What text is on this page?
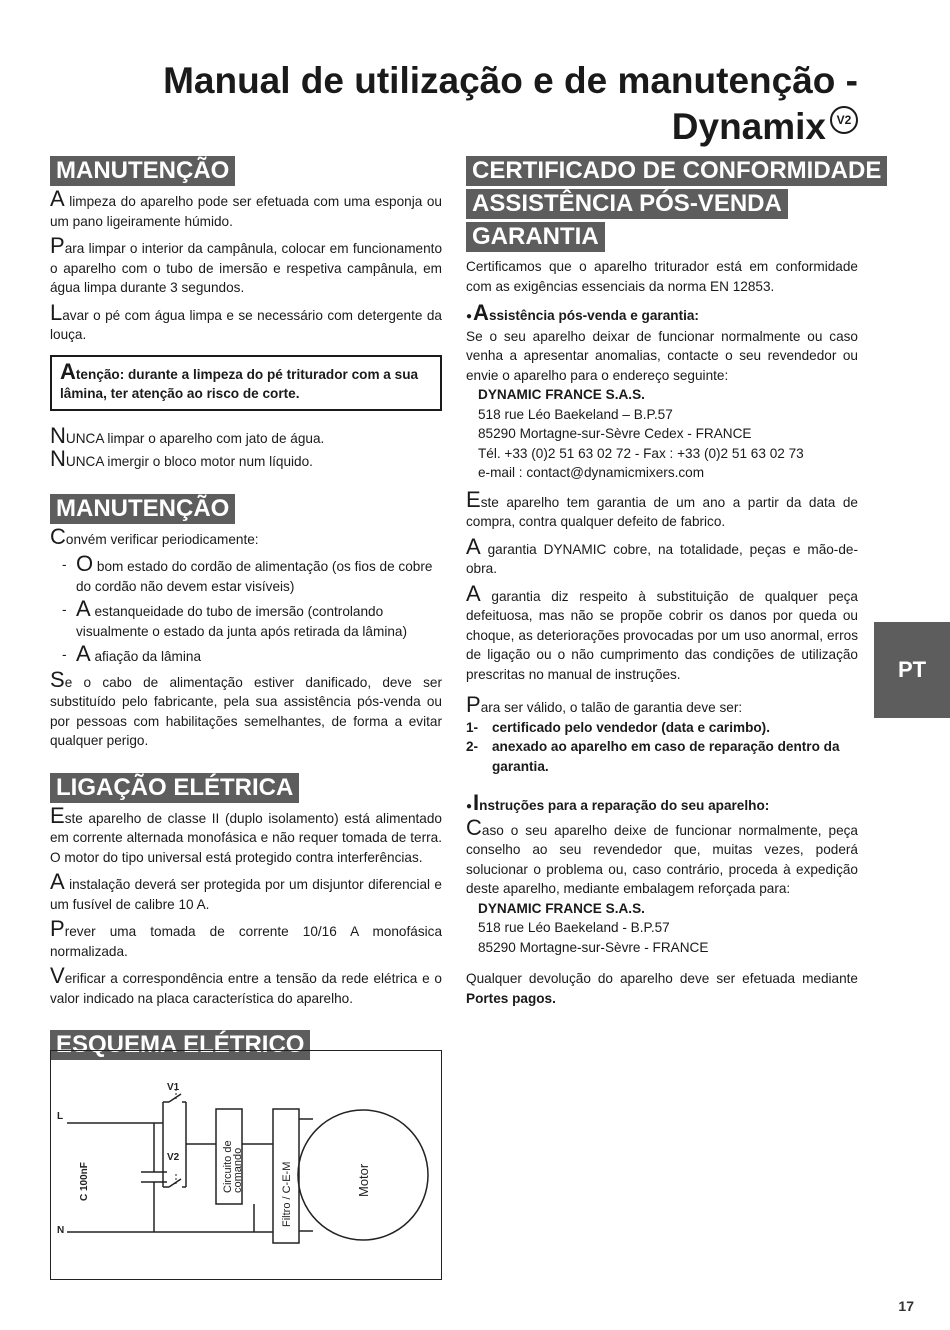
Manual de utilização e de manutenção -
Dynamix V2
MANUTENÇÃO

A limpeza do aparelho pode ser efetuada com uma esponja ou um pano ligeiramente húmido.

Para limpar o interior da campânula, colocar em funcionamento o aparelho com o tubo de imersão e respetiva campânula, em água limpa durante 3 segundos.

Lavar o pé com água limpa e se necessário com detergente da louça.

Atenção: durante a limpeza do pé triturador com a sua lâmina, ter atenção ao risco de corte.

NUNCA limpar o aparelho com jato de água.

NUNCA imergir o bloco motor num líquido.

MANUTENÇÃO

Convém verificar periodicamente:

- O bom estado do cordão de alimentação (os fios de cobre do cordão não devem estar visíveis)
- A estanqueidade do tubo de imersão (controlando visualmente o estado da junta após retirada da lâmina)
- A afiação da lâmina

Se o cabo de alimentação estiver danificado, deve ser substituído pelo fabricante, pela sua assistência pós-venda ou por pessoas com habilitações semelhantes, de forma a evitar qualquer perigo.

LIGAÇÃO ELÉTRICA

Este aparelho de classe II (duplo isolamento) está alimentado em corrente alternada monofásica e não requer tomada de terra. O motor do tipo universal está protegido contra interferências.

A instalação deverá ser protegida por um disjuntor diferencial e um fusível de calibre 10 A.

Prever uma tomada de corrente 10/16 A monofásica normalizada.

Verificar a correspondência entre a tensão da rede elétrica e o valor indicado na placa característica do aparelho.

ESQUEMA ELÉTRICO
L
N
V1
V2
C 100nF	Circuito de
comando	Filtro / C-E-M	Motor
CERTIFICADO DE CONFORMIDADE
ASSISTÊNCIA PÓS-VENDA
GARANTIA

Certificamos que o aparelho triturador está em conformidade com as exigências essenciais da norma EN 12853.

● Assistência pós-venda e garantia:

Se o seu aparelho deixar de funcionar normalmente ou caso venha a apresentar anomalias, contacte o seu revendedor ou envie o aparelho para o endereço seguinte:

DYNAMIC FRANCE S.A.S.
518 rue Léo Baekeland – B.P.57
85290 Mortagne-sur-Sèvre Cedex - FRANCE
Tél. +33 (0)2 51 63 02 72 - Fax : +33 (0)2 51 63 02 73
e-mail : contact@dynamicmixers.com

Este aparelho tem garantia de um ano a partir da data de compra, contra qualquer defeito de fabrico.

A garantia DYNAMIC cobre, na totalidade, peças e mão-de-obra.

A garantia diz respeito à substituição de qualquer peça defeituosa, mas não se propõe cobrir os danos por queda ou choque, as deteriorações provocadas por um uso anormal, erros de ligação ou o não cumprimento das condições de utilização prescritas no manual de instruções.

Para ser válido, o talão de garantia deve ser:

1-	certificado pelo vendedor (data e carimbo).
2-	anexado ao aparelho em caso de reparação dentro da garantia.
● Instruções para a reparação do seu aparelho:

Caso o seu aparelho deixe de funcionar normalmente, peça conselho ao seu revendedor que, muitas vezes, poderá solucionar o problema ou, caso contrário, proceda à expedição deste aparelho, mediante embalagem reforçada para:

DYNAMIC FRANCE S.A.S.
518 rue Léo Baekeland - B.P.57
85290 Mortagne-sur-Sèvre - FRANCE

Qualquer devolução do aparelho deve ser efetuada mediante Portes pagos.

PT
17
